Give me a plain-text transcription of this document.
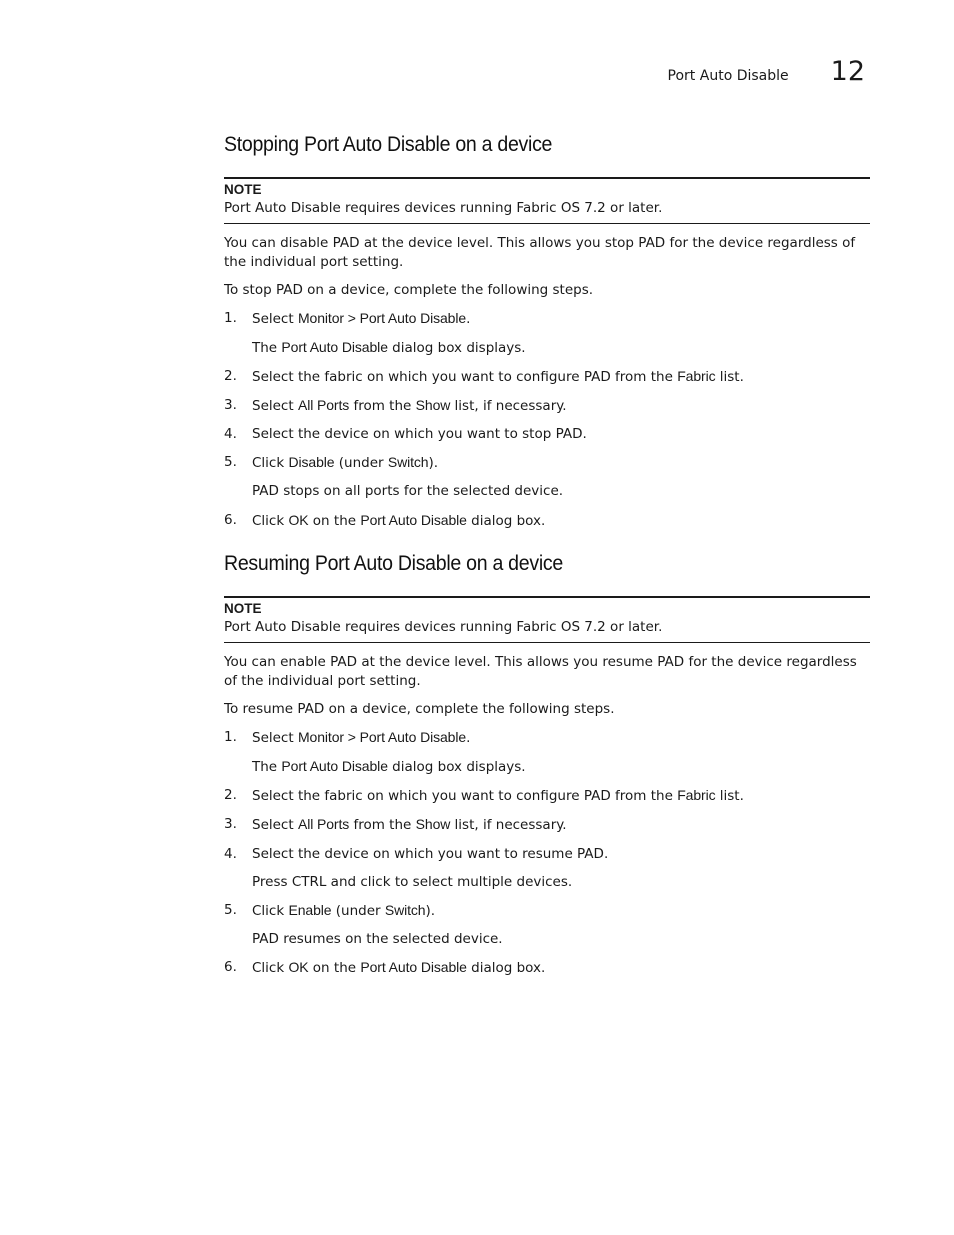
Port Auto Disable 12
Stopping Port Auto Disable on a device
NOTE
Port Auto Disable requires devices running Fabric OS 7.2 or later.

You can disable PAD at the device level. This allows you stop PAD for the device regardless of the individual port setting.

To stop PAD on a device, complete the following steps.

1.	Select Monitor > Port Auto Disable.
The Port Auto Disable dialog box displays.
2.	Select the fabric on which you want to configure PAD from the Fabric list.
3.	Select All Ports from the Show list, if necessary.
4.	Select the device on which you want to stop PAD.
5.	Click Disable (under Switch).
PAD stops on all ports for the selected device.
6.	Click OK on the Port Auto Disable dialog box.
Resuming Port Auto Disable on a device
NOTE
Port Auto Disable requires devices running Fabric OS 7.2 or later.

You can enable PAD at the device level. This allows you resume PAD for the device regardless of the individual port setting.

To resume PAD on a device, complete the following steps.

1.	Select Monitor > Port Auto Disable.
The Port Auto Disable dialog box displays.
2.	Select the fabric on which you want to configure PAD from the Fabric list.
3.	Select All Ports from the Show list, if necessary.
4.	Select the device on which you want to resume PAD.
Press CTRL and click to select multiple devices.
5.	Click Enable (under Switch).
PAD resumes on the selected device.
6.	Click OK on the Port Auto Disable dialog box.
